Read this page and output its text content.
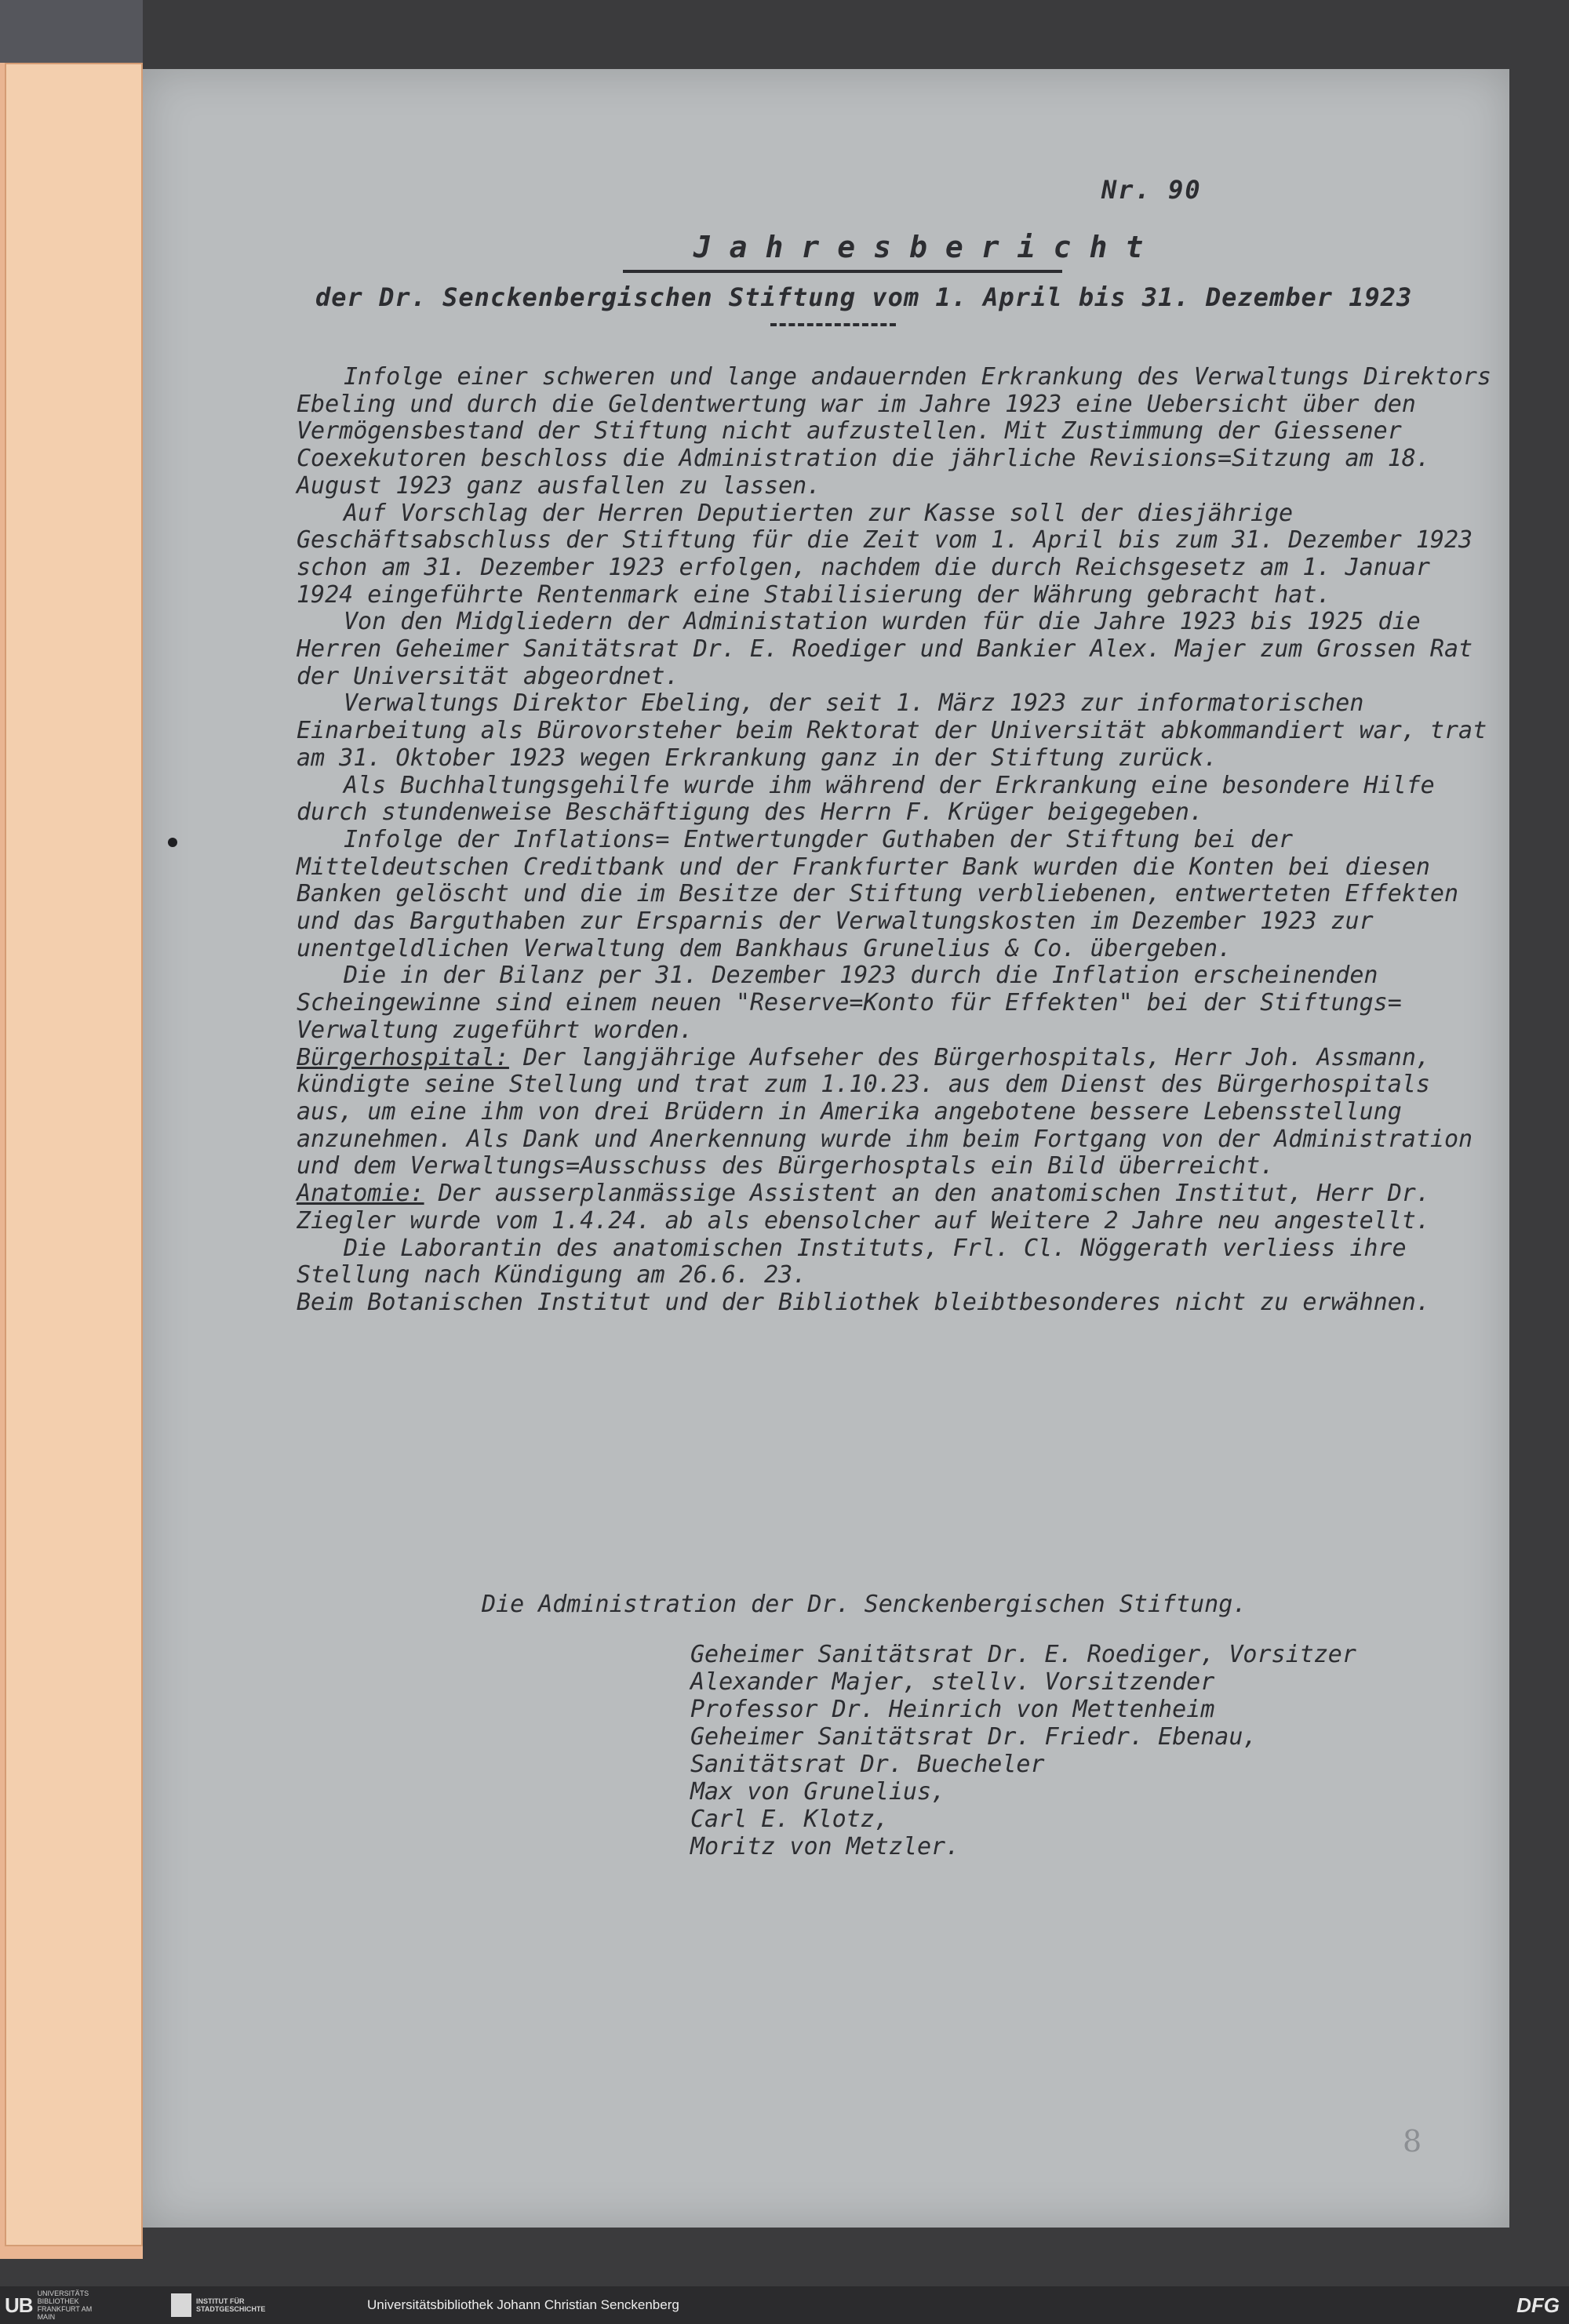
Nr. 90
Jahresbericht
der Dr. Senckenbergischen Stiftung vom 1. April bis 31. Dezember 1923

Infolge einer schweren und lange andauernden Erkrankung des Verwaltungs Direktors Ebeling und durch die Geldentwertung war im Jahre 1923 eine Uebersicht über den Vermögensbestand der Stiftung nicht aufzustellen. Mit Zustimmung der Giessener Coexekutoren beschloss die Administration die jährliche Revisions=Sitzung am 18. August 1923 ganz ausfallen zu lassen.

Auf Vorschlag der Herren Deputierten zur Kasse soll der diesjährige Geschäftsabschluss der Stiftung für die Zeit vom 1. April bis zum 31. Dezember 1923 schon am 31. Dezember 1923 erfolgen, nachdem die durch Reichsgesetz am 1. Januar 1924 eingeführte Rentenmark eine Stabilisierung der Währung gebracht hat.

Von den Midgliedern der Administation wurden für die Jahre 1923 bis 1925 die Herren Geheimer Sanitätsrat Dr. E. Roediger und Bankier Alex. Majer zum Grossen Rat der Universität abgeordnet.

Verwaltungs Direktor Ebeling, der seit 1. März 1923 zur informatorischen Einarbeitung als Bürovorsteher beim Rektorat der Universität abkommandiert war, trat am 31. Oktober 1923 wegen Erkrankung ganz in der Stiftung zurück.

Als Buchhaltungsgehilfe wurde ihm während der Erkrankung eine besondere Hilfe durch stundenweise Beschäftigung des Herrn F. Krüger beigegeben.

Infolge der Inflations= Entwertungder Guthaben der Stiftung bei der Mitteldeutschen Creditbank und der Frankfurter Bank wurden die Konten bei diesen Banken gelöscht und die im Besitze der Stiftung verbliebenen, entwerteten Effekten und das Barguthaben zur Ersparnis der Verwaltungskosten im Dezember 1923 zur unentgeldlichen Verwaltung dem Bankhaus Grunelius & Co. übergeben.

Die in der Bilanz per 31. Dezember 1923 durch die Inflation erscheinenden Scheingewinne sind einem neuen "Reserve=Konto für Effekten" bei der Stiftungs= Verwaltung zugeführt worden.

Bürgerhospital: Der langjährige Aufseher des Bürgerhospitals, Herr Joh. Assmann, kündigte seine Stellung und trat zum 1.10.23. aus dem Dienst des Bürgerhospitals aus, um eine ihm von drei Brüdern in Amerika angebotene bessere Lebensstellung anzunehmen. Als Dank und Anerkennung wurde ihm beim Fortgang von der Administration und dem Verwaltungs=Ausschuss des Bürgerhosptals ein Bild überreicht.

Anatomie: Der ausserplanmässige Assistent an den anatomischen Institut, Herr Dr. Ziegler wurde vom 1.4.24. ab als ebensolcher auf Weitere 2 Jahre neu angestellt.

Die Laborantin des anatomischen Instituts, Frl. Cl. Nöggerath verliess ihre Stellung nach Kündigung am 26.6. 23.

Beim Botanischen Institut und der Bibliothek bleibtbesonderes nicht zu erwähnen.

Die Administration der Dr. Senckenbergischen Stiftung.
Geheimer Sanitätsrat Dr. E. Roediger, Vorsitzer
Alexander Majer, stellv. Vorsitzender
Professor Dr. Heinrich von Mettenheim
Geheimer Sanitätsrat Dr. Friedr. Ebenau,
Sanitätsrat Dr. Buecheler
Max von Grunelius,
Carl E. Klotz,
Moritz von Metzler.
8
UB UNIVERSITÄTS BIBLIOTHEK FRANKFURT AM MAIN
INSTITUT FÜR STADTGESCHICHTE	Universitätsbibliothek Johann Christian Senckenberg	DFG
